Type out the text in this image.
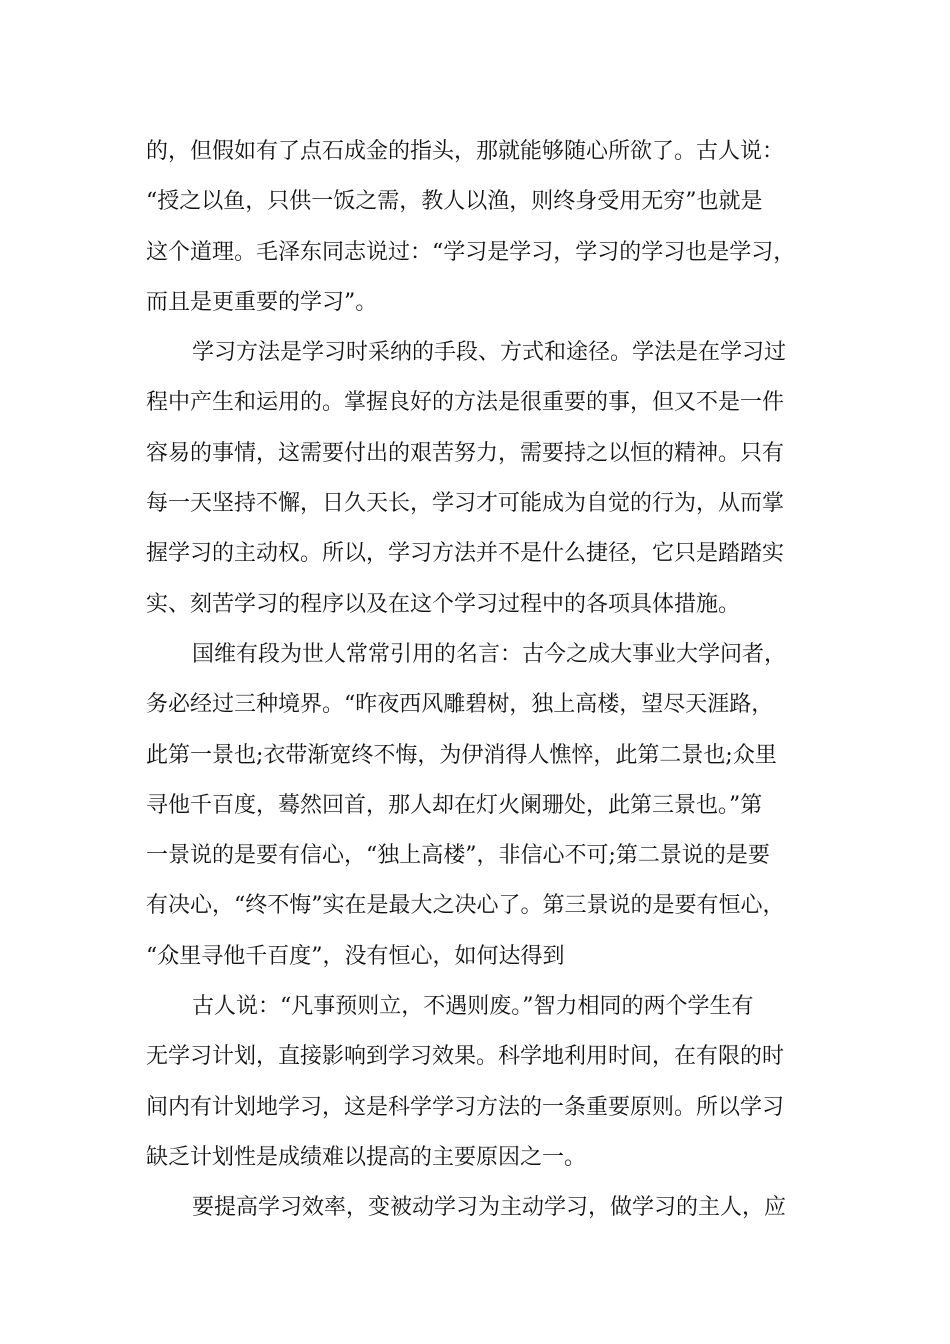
的，但假如有了点石成金的指头，那就能够随心所欲了。古人说：
“授之以鱼，只供一饭之需，教人以渔，则终身受用无穷”也就是
这个道理。毛泽东同志说过：“学习是学习，学习的学习也是学习，
而且是更重要的学习”。
学习方法是学习时采纳的手段、方式和途径。学法是在学习过
程中产生和运用的。掌握良好的方法是很重要的事，但又不是一件
容易的事情，这需要付出的艰苦努力，需要持之以恒的精神。只有
每一天坚持不懈，日久天长，学习才可能成为自觉的行为，从而掌
握学习的主动权。所以，学习方法并不是什么捷径，它只是踏踏实
实、刻苦学习的程序以及在这个学习过程中的各项具体措施。
国维有段为世人常常引用的名言：古今之成大事业大学问者，
务必经过三种境界。“昨夜西风雕碧树，独上高楼，望尽天涯路，
此第一景也;衣带渐宽终不悔，为伊消得人憔悴，此第二景也;众里
寻他千百度，蓦然回首，那人却在灯火阑珊处，此第三景也。”第
一景说的是要有信心，“独上高楼”，非信心不可;第二景说的是要
有决心，“终不悔”实在是最大之决心了。第三景说的是要有恒心，
“众里寻他千百度”，没有恒心，如何达得到
古人说：“凡事预则立，不遇则废。”智力相同的两个学生有
无学习计划，直接影响到学习效果。科学地利用时间，在有限的时
间内有计划地学习，这是科学学习方法的一条重要原则。所以学习
缺乏计划性是成绩难以提高的主要原因之一。
要提高学习效率，变被动学习为主动学习，做学习的主人，应
